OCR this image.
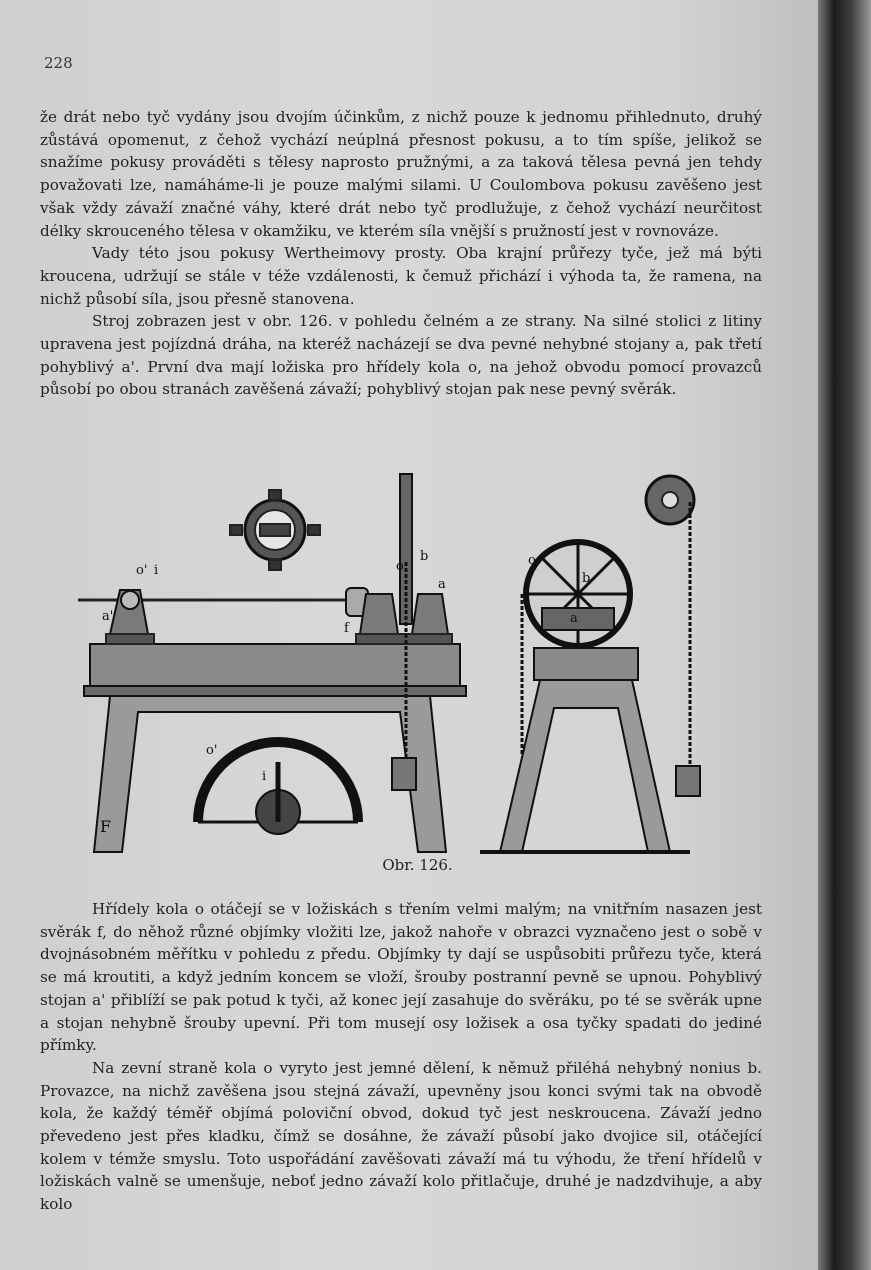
228

že drát nebo tyč vydány jsou dvojím účinkům, z nichž pouze k jednomu přihlednuto, druhý zůstává opomenut, z čehož vychází neúplná přesnost pokusu, a to tím spíše, jelikož se snažíme pokusy prováděti s tělesy naprosto pružnými, a za taková tělesa pevná jen tehdy považovati lze, namáháme-li je pouze malými silami. U Coulombova pokusu zavěšeno jest však vždy závaží značné váhy, které drát nebo tyč prodlužuje, z čehož vychází neurčitost délky skrouceného tělesa v okamžiku, ve kterém síla vnější s pružností jest v rovnováze.

Vady této jsou pokusy Wertheimovy prosty. Oba krajní průřezy tyče, jež má býti kroucena, udržují se stále v téže vzdálenosti, k čemuž přichází i výhoda ta, že ramena, na nichž působí síla, jsou přesně stanovena.

Stroj zobrazen jest v obr. 126. v pohledu čelném a ze strany. Na silné stolici z litiny upravena jest pojízdná dráha, na kteréž nacházejí se dva pevné nehybné stojany a, pak třetí pohyblivý a'. První dva mají ložiska pro hřídely kola o, na jehož obvodu pomocí provazců působí po obou stranách zavěšená závaží; pohyblivý stojan pak nese pevný svěrák.

o' i
a'
f
o
b
a
o
b
a
o'
i
F
Obr. 126.

Hřídely kola o otáčejí se v ložiskách s třením velmi malým; na vnitřním nasazen jest svěrák f, do něhož různé objímky vložiti lze, jakož nahoře v obrazci vyznačeno jest o sobě v dvojnásobném měřítku v pohledu z předu. Objímky ty dají se uspůsobiti průřezu tyče, která se má kroutiti, a když jedním koncem se vloží, šrouby postranní pevně se upnou. Pohyblivý stojan a' přiblíží se pak potud k tyči, až konec její zasahuje do svěráku, po té se svěrák upne a stojan nehybně šrouby upevní. Při tom musejí osy ložisek a osa tyčky spadati do jediné přímky.

Na zevní straně kola o vyryto jest jemné dělení, k němuž přiléhá nehybný nonius b. Provazce, na nichž zavěšena jsou stejná závaží, upevněny jsou konci svými tak na obvodě kola, že každý téměř objímá poloviční obvod, dokud tyč jest neskroucena. Závaží jedno převedeno jest přes kladku, čímž se dosáhne, že závaží působí jako dvojice sil, otáčející kolem v témže smyslu. Toto uspořádání zavěšovati závaží má tu výhodu, že tření hřídelů v ložiskách valně se umenšuje, neboť jedno závaží kolo přitlačuje, druhé je nadzdvihuje, a aby kolo
